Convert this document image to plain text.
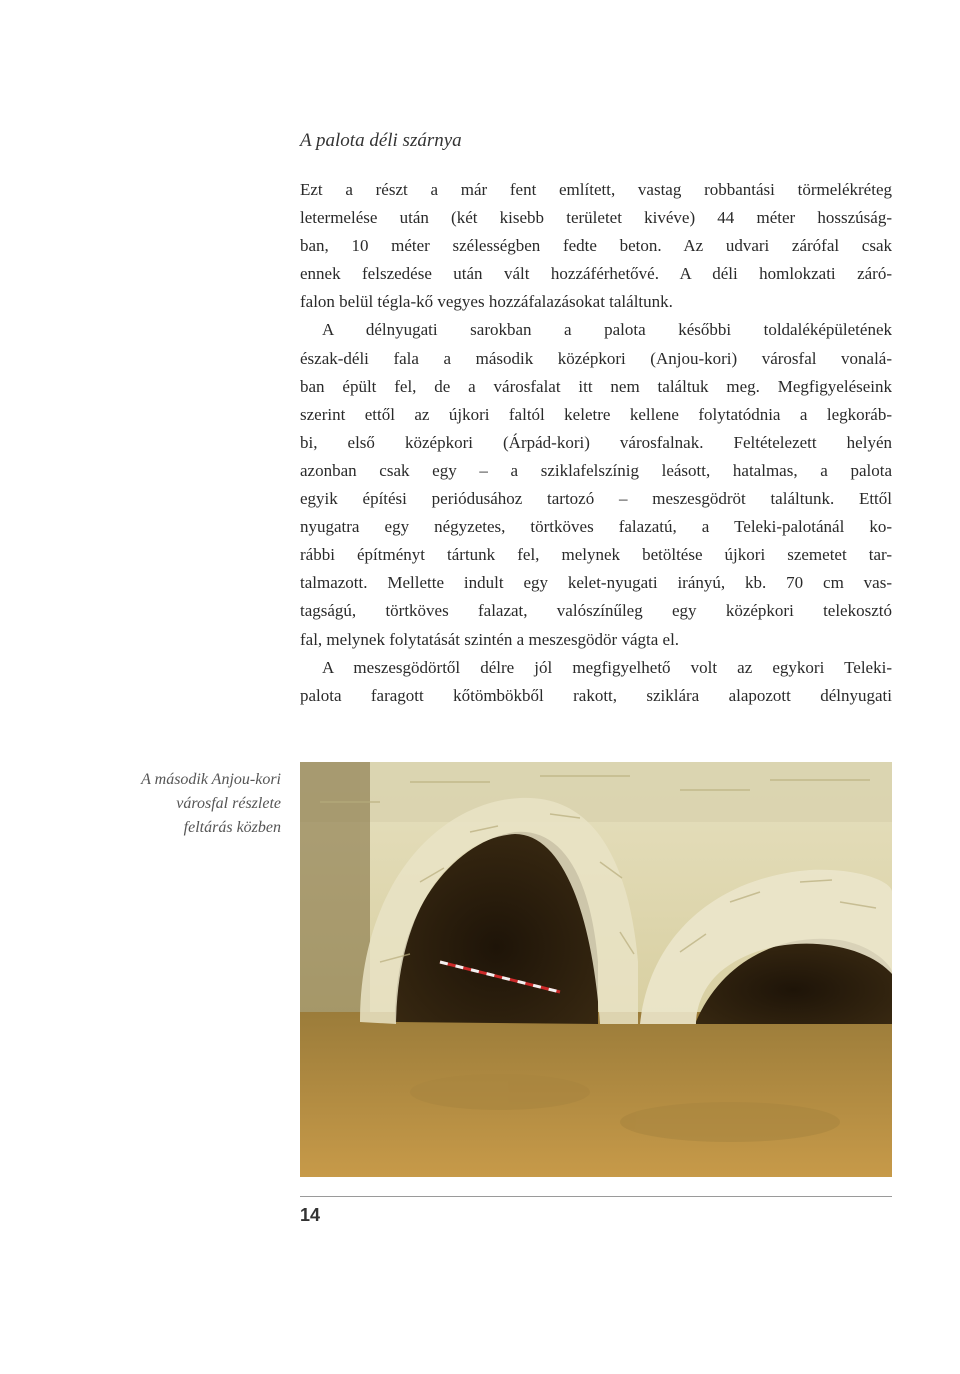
A palota déli szárnya

Ezt a részt a már fent említett, vastag robbantási törmelékréteg
letermelése után (két kisebb területet kivéve) 44 méter hosszúság-
ban, 10 méter szélességben fedte beton. Az udvari zárófal csak
ennek felszedése után vált hozzáférhetővé. A déli homlokzati záró-
falon belül tégla-kő vegyes hozzáfalazásokat találtunk.

A délnyugati sarokban a palota későbbi toldaléképületének
észak-déli fala a második középkori (Anjou-kori) városfal vonalá-
ban épült fel, de a városfalat itt nem találtuk meg. Megfigyeléseink
szerint ettől az újkori faltól keletre kellene folytatódnia a legkoráb-
bi, első középkori (Árpád-kori) városfalnak. Feltételezett helyén
azonban csak egy – a sziklafelszínig leásott, hatalmas, a palota
egyik építési periódusához tartozó – meszesgödröt találtunk. Ettől
nyugatra egy négyzetes, törtköves falazatú, a Teleki-palotánál ko-
rábbi építményt tártunk fel, melynek betöltése újkori szemetet tar-
talmazott. Mellette indult egy kelet-nyugati irányú, kb. 70 cm vas-
tagságú, törtköves falazat, valószínűleg egy középkori telekosztó
fal, melynek folytatását szintén a meszesgödör vágta el.

A meszesgödörtől délre jól megfigyelhető volt az egykori Teleki-
palota faragott kőtömbökből rakott, sziklára alapozott délnyugati

A második Anjou-kori
városfal részlete
feltárás közben
14
